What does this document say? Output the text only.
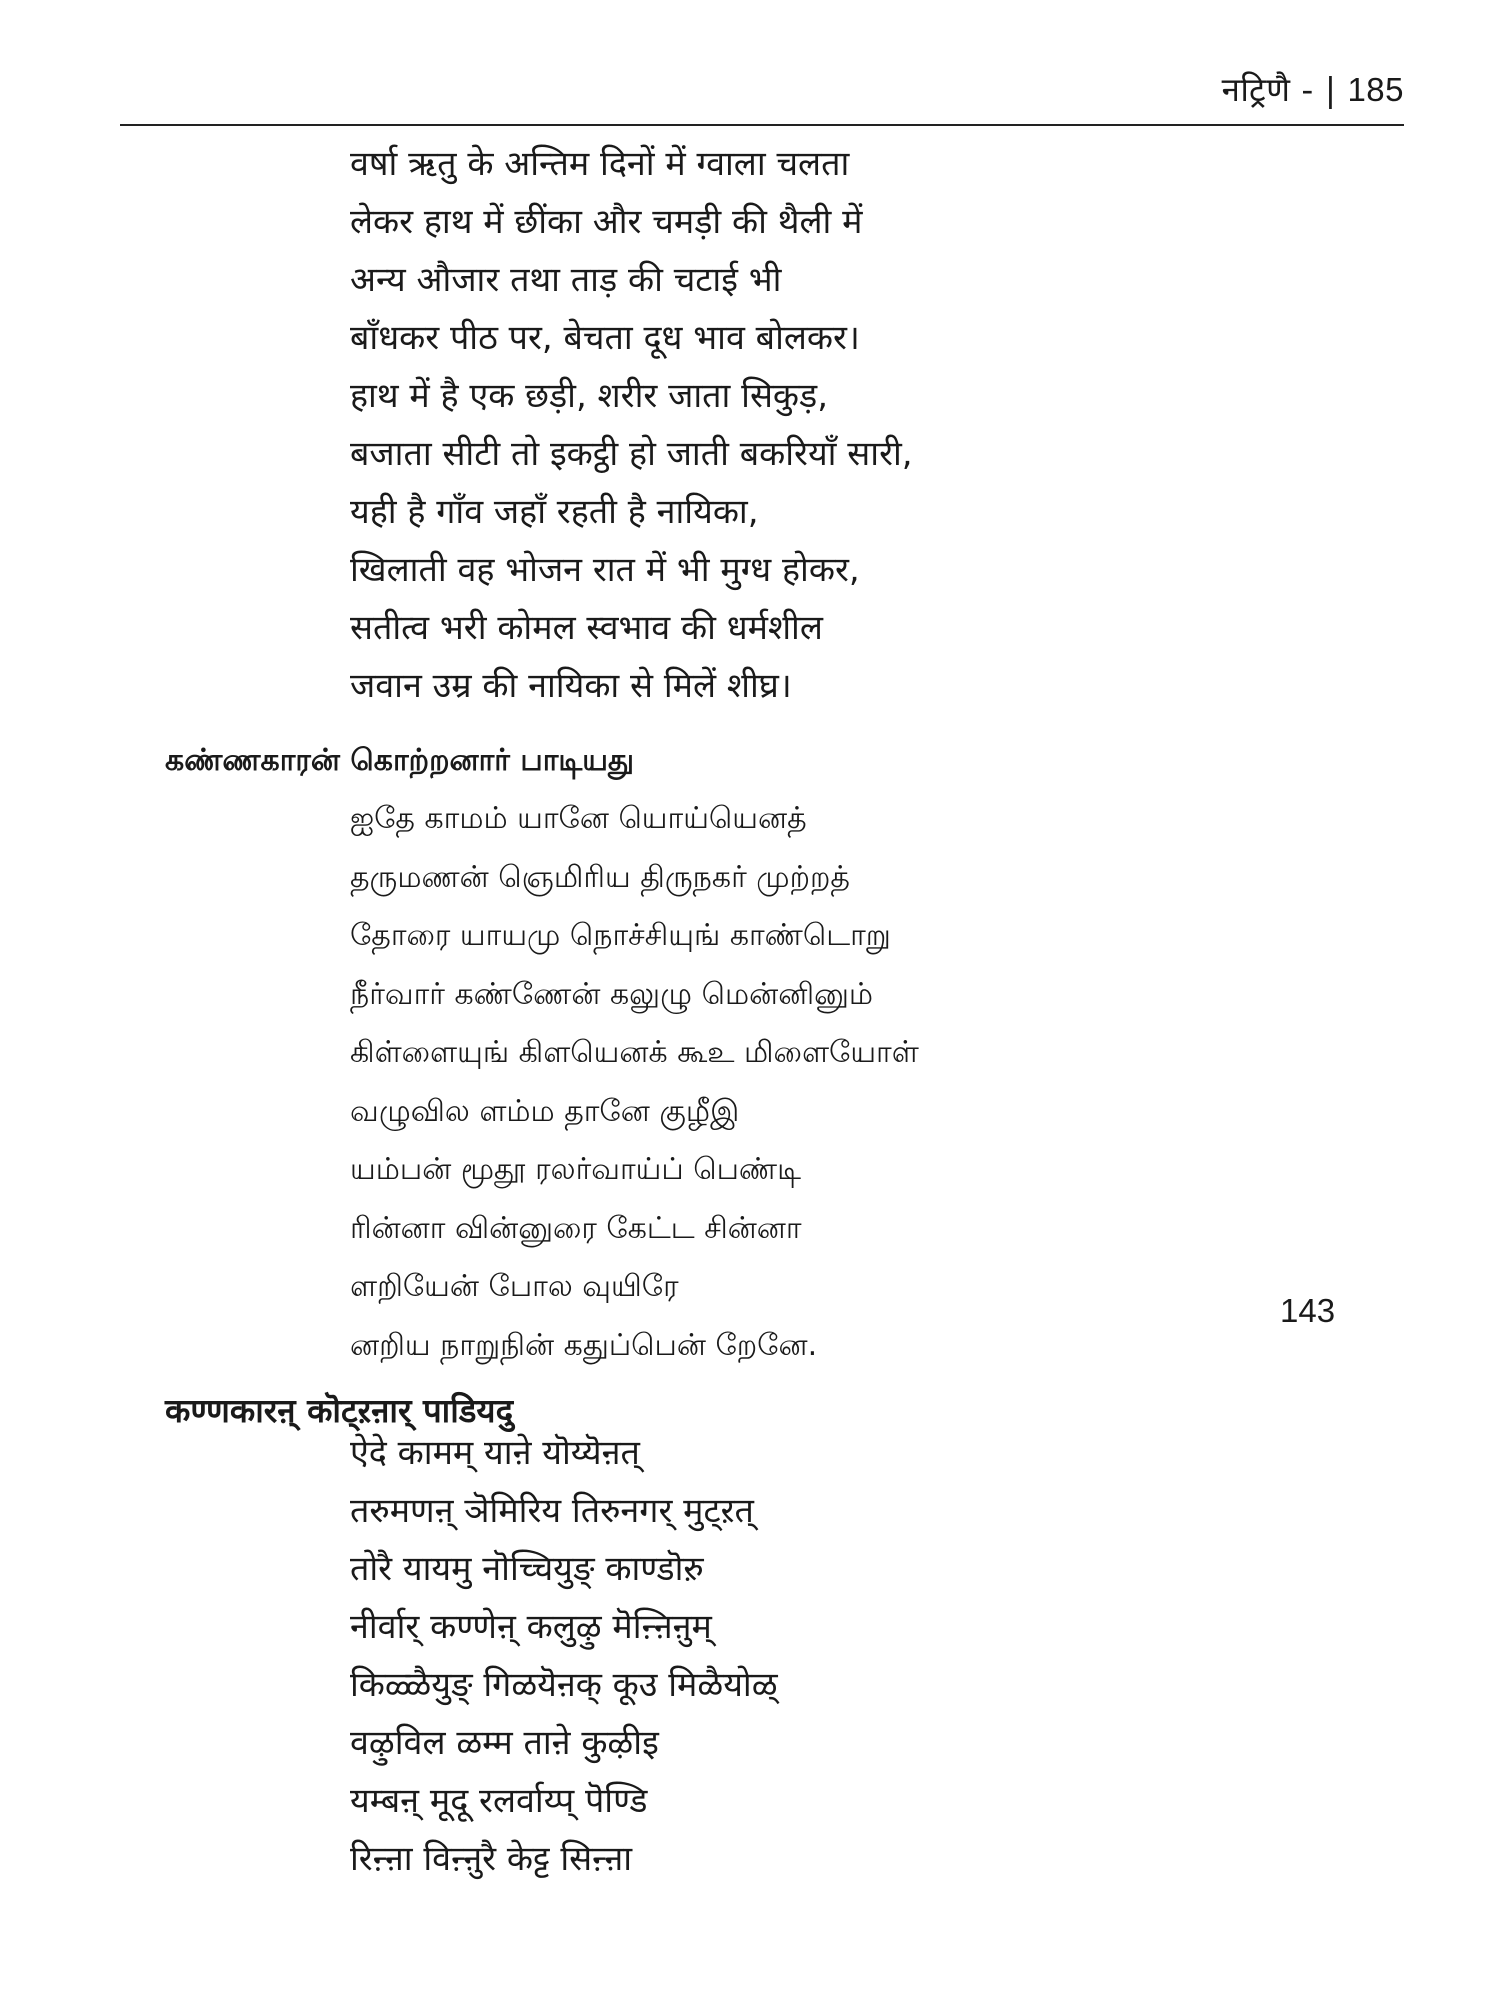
नट्रिणै - | 185
वर्षा ऋतु के अन्तिम दिनों में ग्वाला चलता
लेकर हाथ में छींका और चमड़ी की थैली में
अन्य औजार तथा ताड़ की चटाई भी
बाँधकर पीठ पर, बेचता दूध भाव बोलकर।
हाथ में है एक छड़ी, शरीर जाता सिकुड़,
बजाता सीटी तो इकट्ठी हो जाती बकरियाँ सारी,
यही है गाँव जहाँ रहती है नायिका,
खिलाती वह भोजन रात में भी मुग्ध होकर,
सतीत्व भरी कोमल स्वभाव की धर्मशील
जवान उम्र की नायिका से मिलें शीघ्र।
கண்ணகாரன் கொற்றனார் பாடியது
ஐதே காமம் யானே யொய்யெனத்
தருமணன் ஞெமிரிய திருநகர் முற்றத்
தோரை யாயமு நொச்சியுங் காண்டொறு
நீர்வார் கண்ணேன் கலுழு மென்னினும்
கிள்ளையுங் கிளயெனக் கூஉ மிளையோள்
வழுவில ளம்ம தானே குழீஇ
யம்பன் மூதூ ரலர்வாய்ப் பெண்டி
ரின்னா வின்னுரை கேட்ட சின்னா
ளறியேன் போல வுயிரே
னறிய நாறுநின் கதுப்பென் றேனே.
143
कण्णकारऩ् कॊट्ऱऩार् पाडियदु
ऐदे कामम् याऩे यॊय्यॆऩत्
तरुमणऩ् ञॆमिरिय तिरुनगर् मुट्ऱत्
तोरै यायमु नॊच्चियुङ् काण्डॊऱु
नीर्वार् कण्णेऩ् कलुऴु मॆऩ्ऩिऩुम्
किळ्ळैयुङ् गिळयॆऩक् कूउ मिळैयोळ्
वऴुविल ळम्म ताऩे कुऴीइ
यम्बऩ् मूदू रलर्वाय्प् पॆण्डि
रिऩ्ऩा विऩ्ऩुरै केट्ट सिऩ्ऩा
